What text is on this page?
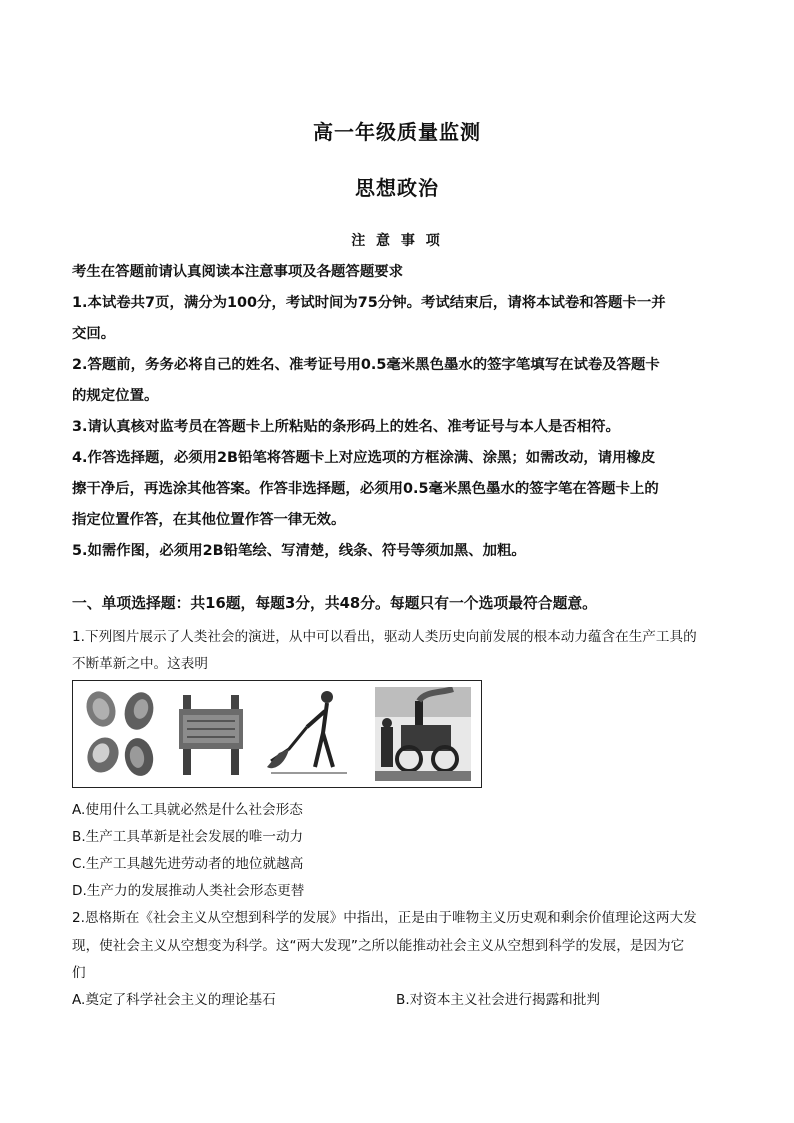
高一年级质量监测
思想政治
注 意 事 项
考生在答题前请认真阅读本注意事项及各题答题要求
1.本试卷共7页，满分为100分，考试时间为75分钟。考试结束后，请将本试卷和答题卡一并
交回。
2.答题前，务务必将自己的姓名、准考证号用0.5毫米黑色墨水的签字笔填写在试卷及答题卡
的规定位置。
3.请认真核对监考员在答题卡上所粘贴的条形码上的姓名、准考证号与本人是否相符。
4.作答选择题，必须用2B铅笔将答题卡上对应选项的方框涂满、涂黑；如需改动，请用橡皮
擦干净后，再选涂其他答案。作答非选择题，必须用0.5毫米黑色墨水的签字笔在答题卡上的
指定位置作答，在其他位置作答一律无效。
5.如需作图，必须用2B铅笔绘、写清楚，线条、符号等须加黑、加粗。
一、单项选择题：共16题，每题3分，共48分。每题只有一个选项最符合题意。
1.下列图片展示了人类社会的演进，从中可以看出，驱动人类历史向前发展的根本动力蕴含在生产工具的
不断革新之中。这表明
A.使用什么工具就必然是什么社会形态
B.生产工具革新是社会发展的唯一动力
C.生产工具越先进劳动者的地位就越高
D.生产力的发展推动人类社会形态更替
2.恩格斯在《社会主义从空想到科学的发展》中指出，正是由于唯物主义历史观和剩余价值理论这两大发
现，使社会主义从空想变为科学。这“两大发现”之所以能推动社会主义从空想到科学的发展，是因为它
们
A.奠定了科学社会主义的理论基石	B.对资本主义社会进行揭露和批判
